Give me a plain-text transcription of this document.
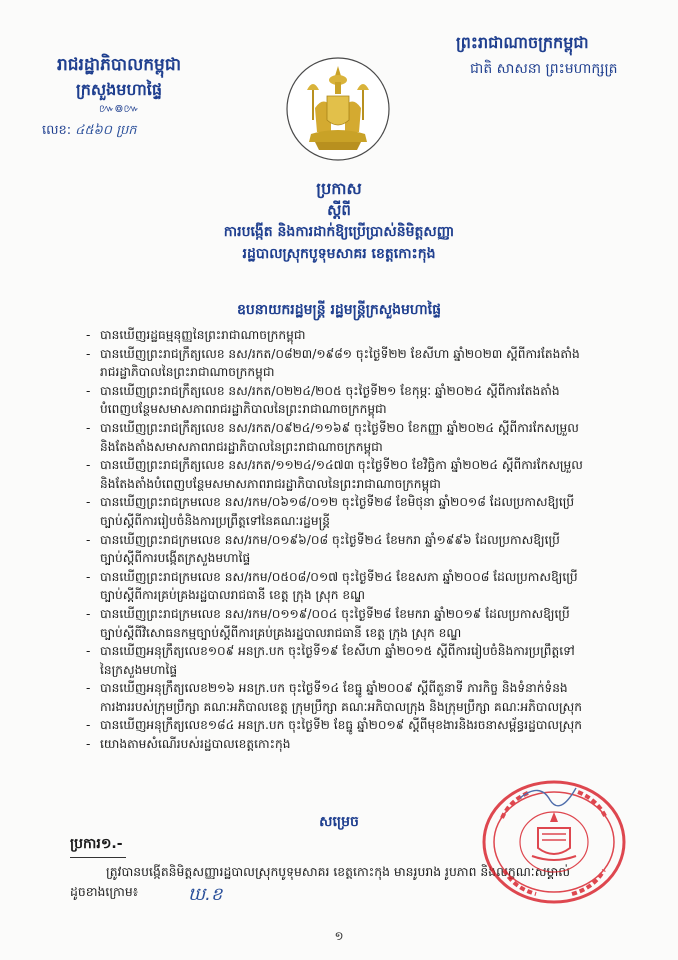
រាជរដ្ឋាភិបាលកម្ពុជា
ក្រសួងមហាផ្ទៃ
៚៙៚
លេខ: ៤៥៦០ ប្រក
ព្រះរាជាណាចក្រកម្ពុជា
ជាតិ សាសនា ព្រះមហាក្សត្រ
ប្រកាស
ស្តីពី
ការបង្កើត និងការដាក់ឱ្យប្រើប្រាស់និមិត្តសញ្ញា
រដ្ឋបាលស្រុកបូទុមសាគរ ខេត្តកោះកុង
ឧបនាយករដ្ឋមន្ត្រី រដ្ឋមន្ត្រីក្រសួងមហាផ្ទៃ
- បានឃើញរដ្ឋធម្មនុញ្ញនៃព្រះរាជាណាចក្រកម្ពុជា
- បានឃើញព្រះរាជក្រឹត្យលេខ នស/រកត/០៨២៣/១៩៨១ ចុះថ្ងៃទី២២ ខែសីហា ឆ្នាំ២០២៣ ស្តីពីការតែងតាំង
រាជរដ្ឋាភិបាលនៃព្រះរាជាណាចក្រកម្ពុជា
- បានឃើញព្រះរាជក្រឹត្យលេខ នស/រកត/០២២៤/២០៥ ចុះថ្ងៃទី២១ ខែកុម្ភៈ ឆ្នាំ២០២៤ ស្តីពីការតែងតាំង
បំពេញបន្ថែមសមាសភាពរាជរដ្ឋាភិបាលនៃព្រះរាជាណាចក្រកម្ពុជា
- បានឃើញព្រះរាជក្រឹត្យលេខ នស/រកត/០៩២៤/១១៦៩ ចុះថ្ងៃទី២០ ខែកញ្ញា ឆ្នាំ២០២៤ ស្តីពីការកែសម្រួល
និងតែងតាំងសមាសភាពរាជរដ្ឋាភិបាលនៃព្រះរាជាណាចក្រកម្ពុជា
- បានឃើញព្រះរាជក្រឹត្យលេខ នស/រកត/១១២៤/១៤៧៣ ចុះថ្ងៃទី២០ ខែវិច្ឆិកា ឆ្នាំ២០២៤ ស្តីពីការកែសម្រួល
និងតែងតាំងបំពេញបន្ថែមសមាសភាពរាជរដ្ឋាភិបាលនៃព្រះរាជាណាចក្រកម្ពុជា
- បានឃើញព្រះរាជក្រមលេខ នស/រកម/០៦១៨/០១២ ចុះថ្ងៃទី២៨ ខែមិថុនា ឆ្នាំ២០១៨ ដែលប្រកាសឱ្យប្រើ
ច្បាប់ស្តីពីការរៀបចំនិងការប្រព្រឹត្តទៅនៃគណៈរដ្ឋមន្ត្រី
- បានឃើញព្រះរាជក្រមលេខ នស/រកម/០១៩៦/០៨ ចុះថ្ងៃទី២៤ ខែមករា ឆ្នាំ១៩៩៦ ដែលប្រកាសឱ្យប្រើ
ច្បាប់ស្តីពីការបង្កើតក្រសួងមហាផ្ទៃ
- បានឃើញព្រះរាជក្រមលេខ នស/រកម/០៥០៨/០១៧ ចុះថ្ងៃទី២៤ ខែឧសភា ឆ្នាំ២០០៨ ដែលប្រកាសឱ្យប្រើ
ច្បាប់ស្តីពីការគ្រប់គ្រងរដ្ឋបាលរាជធានី ខេត្ត ក្រុង ស្រុក ខណ្ឌ
- បានឃើញព្រះរាជក្រមលេខ នស/រកម/០១១៩/០០៤ ចុះថ្ងៃទី២៨ ខែមករា ឆ្នាំ២០១៩ ដែលប្រកាសឱ្យប្រើ
ច្បាប់ស្តីពីវិសោធនកម្មច្បាប់ស្តីពីការគ្រប់គ្រងរដ្ឋបាលរាជធានី ខេត្ត ក្រុង ស្រុក ខណ្ឌ
- បានឃើញអនុក្រឹត្យលេខ១០៩ អនក្រ.បក ចុះថ្ងៃទី១៩ ខែសីហា ឆ្នាំ២០១៥ ស្តីពីការរៀបចំនិងការប្រព្រឹត្តទៅ
នៃក្រសួងមហាផ្ទៃ
- បានឃើញអនុក្រឹត្យលេខ២១៦ អនក្រ.បក ចុះថ្ងៃទី១៤ ខែធ្នូ ឆ្នាំ២០០៩ ស្តីពីតួនាទី ភារកិច្ច និងទំនាក់ទំនង
ការងាររបស់ក្រុមប្រឹក្សា គណៈអភិបាលខេត្ត ក្រុមប្រឹក្សា គណៈអភិបាលក្រុង និងក្រុមប្រឹក្សា គណៈអភិបាលស្រុក
- បានឃើញអនុក្រឹត្យលេខ១៨៤ អនក្រ.បក ចុះថ្ងៃទី២ ខែធ្នូ ឆ្នាំ២០១៩ ស្តីពីមុខងារនិងរចនាសម្ព័ន្ធរដ្ឋបាលស្រុក
- យោងតាមសំណើរបស់រដ្ឋបាលខេត្តកោះកុង
សម្រេច
ប្រការ១.-
ត្រូវបានបង្កើតនិមិត្តសញ្ញារដ្ឋបាលស្រុកបូទុមសាគរ ខេត្តកោះកុង មានរូបរាង រូបភាព និងលក្ខណៈសម្គាល់
ដូចខាងក្រោម៖	ឃ.ខ
១
